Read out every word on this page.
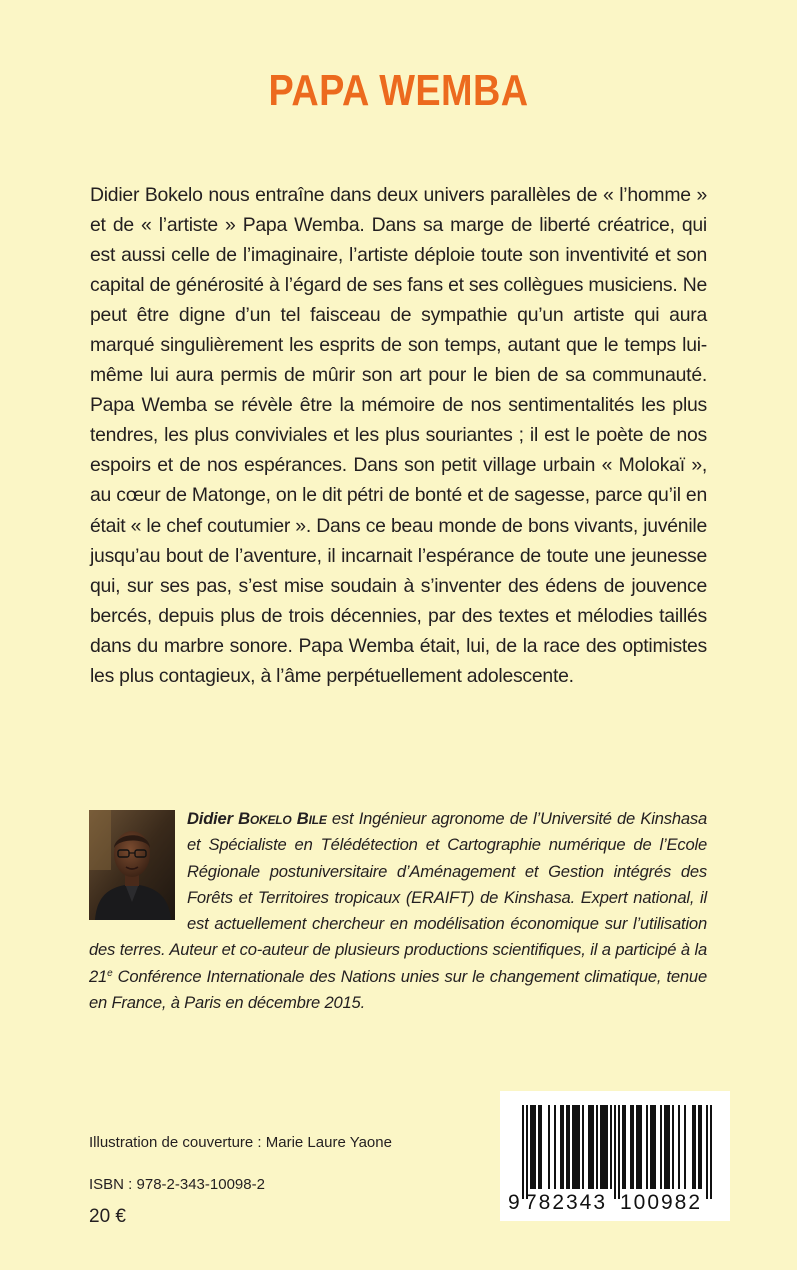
PAPA WEMBA

Didier Bokelo nous entraîne dans deux univers parallèles de « l’homme » et de « l’artiste » Papa Wemba. Dans sa marge de liberté créatrice, qui est aussi celle de l’imaginaire, l’artiste déploie toute son inventivité et son capital de générosité à l’égard de ses fans et ses collègues musiciens. Ne peut être digne d’un tel faisceau de sympathie qu’un artiste qui aura marqué singulièrement les esprits de son temps, autant que le temps lui-même lui aura permis de mûrir son art pour le bien de sa communauté. Papa Wemba se révèle être la mémoire de nos sentimentalités les plus tendres, les plus conviviales et les plus souriantes ; il est le poète de nos espoirs et de nos espérances. Dans son petit village urbain « Molokaï », au cœur de Matonge, on le dit pétri de bonté et de sagesse, parce qu’il en était « le chef coutumier ». Dans ce beau monde de bons vivants, juvénile jusqu’au bout de l’aventure, il incarnait l’espérance de toute une jeunesse qui, sur ses pas, s’est mise soudain à s’inventer des édens de jouvence bercés, depuis plus de trois décennies, par des textes et mélodies taillés dans du marbre sonore. Papa Wemba était, lui, de la race des optimistes les plus contagieux, à l’âme perpétuellement adolescente.

Didier Bokelo Bile est Ingénieur agronome de l’Université de Kinshasa et Spécialiste en Télédétection et Cartographie numérique de l’Ecole Régionale postuniversitaire d’Aménagement et Gestion intégrés des Forêts et Territoires tropicaux (ERAIFT) de Kinshasa. Expert national, il est actuellement chercheur en modélisation économique sur l’utilisation des terres. Auteur et co-auteur de plusieurs productions scientifiques, il a participé à la 21e Conférence Internationale des Nations unies sur le changement climatique, tenue en France, à Paris en décembre 2015.

Illustration de couverture : Marie Laure Yaone
ISBN : 978-2-343-10098-2
20 €
9 782343 100982
